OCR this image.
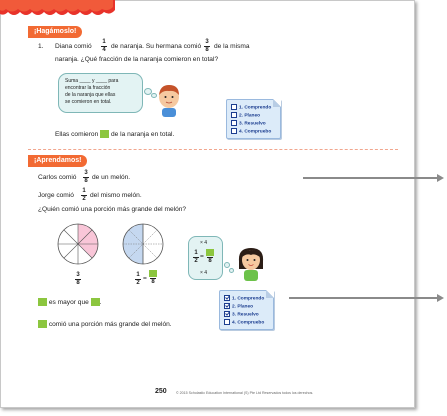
¡Hagámoslo!
1. Diana comió
1
4 de naranja. Su hermana comió
3
8 de la misma
naranja. ¿Qué fracción de la naranja comieron en total?
Suma ____ y ____ para
encontrar la fracción
de la naranja que ellas
se comieron en total.
1. Comprendo
2. Planeo
3. Resuelvo
4. Compruebo
Ellas comieron de la naranja en total.
¡Aprendamos!
Carlos comió
3
8 de un melón.
Jorge comió
1
2 del mismo melón.
¿Quién comió una porción más grande del melón?
3
8
1
2
= 8
× 4
1
2
=
8
× 4
es mayor que .
comió una porción más grande del melón.
1. Comprendo
2. Planeo
3. Resuelvo
4. Compruebo
250	© 2015 Scholastic Education International (S) Pte Ltd Reservados todos los derechos.
